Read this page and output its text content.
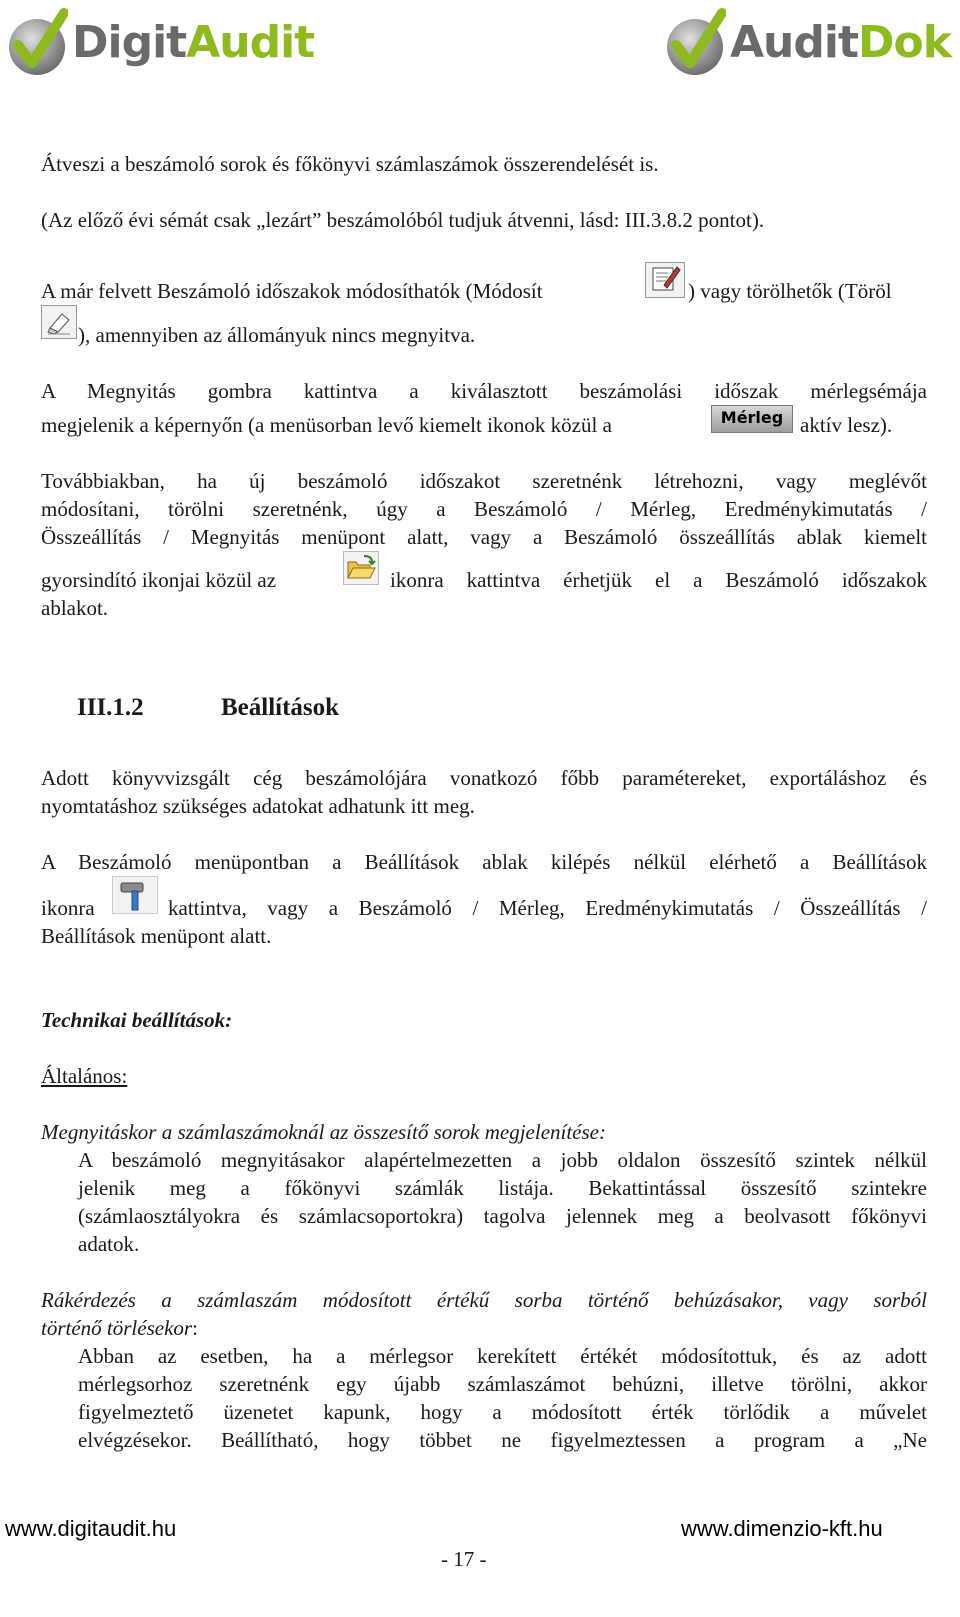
DigitAudit	AuditDok
Átveszi a beszámoló sorok és főkönyvi számlaszámok összerendelését is.
(Az előző évi sémát csak „lezárt” beszámolóból tudjuk átvenni, lásd: III.3.8.2 pontot).
A már felvett Beszámoló időszakok módosíthatók (Módosít	) vagy törölhetők (Töröl
), amennyiben az állományuk nincs megnyitva.
A Megnyitás gombra kattintva a kiválasztott beszámolási időszak mérlegsémája
megjelenik a képernyőn (a menüsorban levő kiemelt ikonok közül a	Mérleg aktív lesz).
Továbbiakban, ha új beszámoló időszakot szeretnénk létrehozni, vagy meglévőt
módosítani, törölni szeretnénk, úgy a Beszámoló / Mérleg, Eredménykimutatás /
Összeállítás / Megnyitás menüpont alatt, vagy a Beszámoló összeállítás ablak kiemelt
gyorsindító ikonjai közül az	ikonra kattintva érhetjük el a Beszámoló időszakok
ablakot.
III.1.2	Beállítások
Adott könyvvizsgált cég beszámolójára vonatkozó főbb paramétereket, exportáláshoz és
nyomtatáshoz szükséges adatokat adhatunk itt meg.
A Beszámoló menüpontban a Beállítások ablak kilépés nélkül elérhető a Beállítások
ikonra	kattintva, vagy a Beszámoló / Mérleg, Eredménykimutatás / Összeállítás /
Beállítások menüpont alatt.
Technikai beállítások:
Általános:
Megnyitáskor a számlaszámoknál az összesítő sorok megjelenítése:
A beszámoló megnyitásakor alapértelmezetten a jobb oldalon összesítő szintek nélkül
jelenik meg a főkönyvi számlák listája. Bekattintással összesítő szintekre
(számlaosztályokra és számlacsoportokra) tagolva jelennek meg a beolvasott főkönyvi
adatok.
Rákérdezés a számlaszám módosított értékű sorba történő behúzásakor, vagy sorból
történő törlésekor:
Abban az esetben, ha a mérlegsor kerekített értékét módosítottuk, és az adott
mérlegsorhoz szeretnénk egy újabb számlaszámot behúzni, illetve törölni, akkor
figyelmeztető üzenetet kapunk, hogy a módosított érték törlődik a művelet
elvégzésekor. Beállítható, hogy többet ne figyelmeztessen a program a „Ne
www.digitaudit.hu	www.dimenzio-kft.hu
- 17 -
